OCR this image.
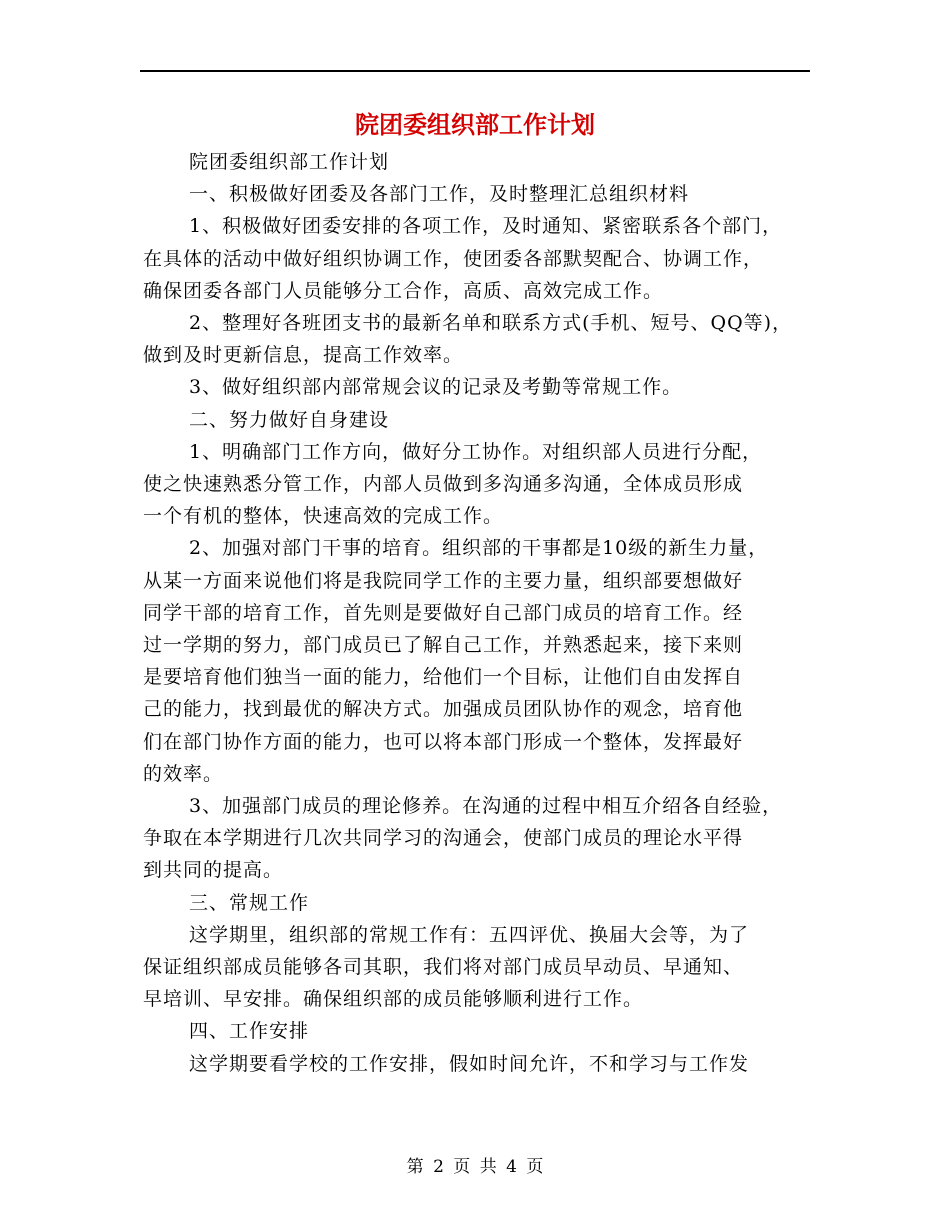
院团委组织部工作计划

院团委组织部工作计划

一、积极做好团委及各部门工作，及时整理汇总组织材料

1、积极做好团委安排的各项工作，及时通知、紧密联系各个部门，

在具体的活动中做好组织协调工作，使团委各部默契配合、协调工作，

确保团委各部门人员能够分工合作，高质、高效完成工作。

2、整理好各班团支书的最新名单和联系方式(手机、短号、QQ等)，

做到及时更新信息，提高工作效率。

3、做好组织部内部常规会议的记录及考勤等常规工作。

二、努力做好自身建设

1、明确部门工作方向，做好分工协作。对组织部人员进行分配，

使之快速熟悉分管工作，内部人员做到多沟通多沟通，全体成员形成

一个有机的整体，快速高效的完成工作。

2、加强对部门干事的培育。组织部的干事都是10级的新生力量，

从某一方面来说他们将是我院同学工作的主要力量，组织部要想做好

同学干部的培育工作，首先则是要做好自己部门成员的培育工作。经

过一学期的努力，部门成员已了解自己工作，并熟悉起来，接下来则

是要培育他们独当一面的能力，给他们一个目标，让他们自由发挥自

己的能力，找到最优的解决方式。加强成员团队协作的观念，培育他

们在部门协作方面的能力，也可以将本部门形成一个整体，发挥最好

的效率。

3、加强部门成员的理论修养。在沟通的过程中相互介绍各自经验，

争取在本学期进行几次共同学习的沟通会，使部门成员的理论水平得

到共同的提高。

三、常规工作

这学期里，组织部的常规工作有：五四评优、换届大会等，为了

保证组织部成员能够各司其职，我们将对部门成员早动员、早通知、

早培训、早安排。确保组织部的成员能够顺利进行工作。

四、工作安排

这学期要看学校的工作安排，假如时间允许，不和学习与工作发

第 2 页 共 4 页
